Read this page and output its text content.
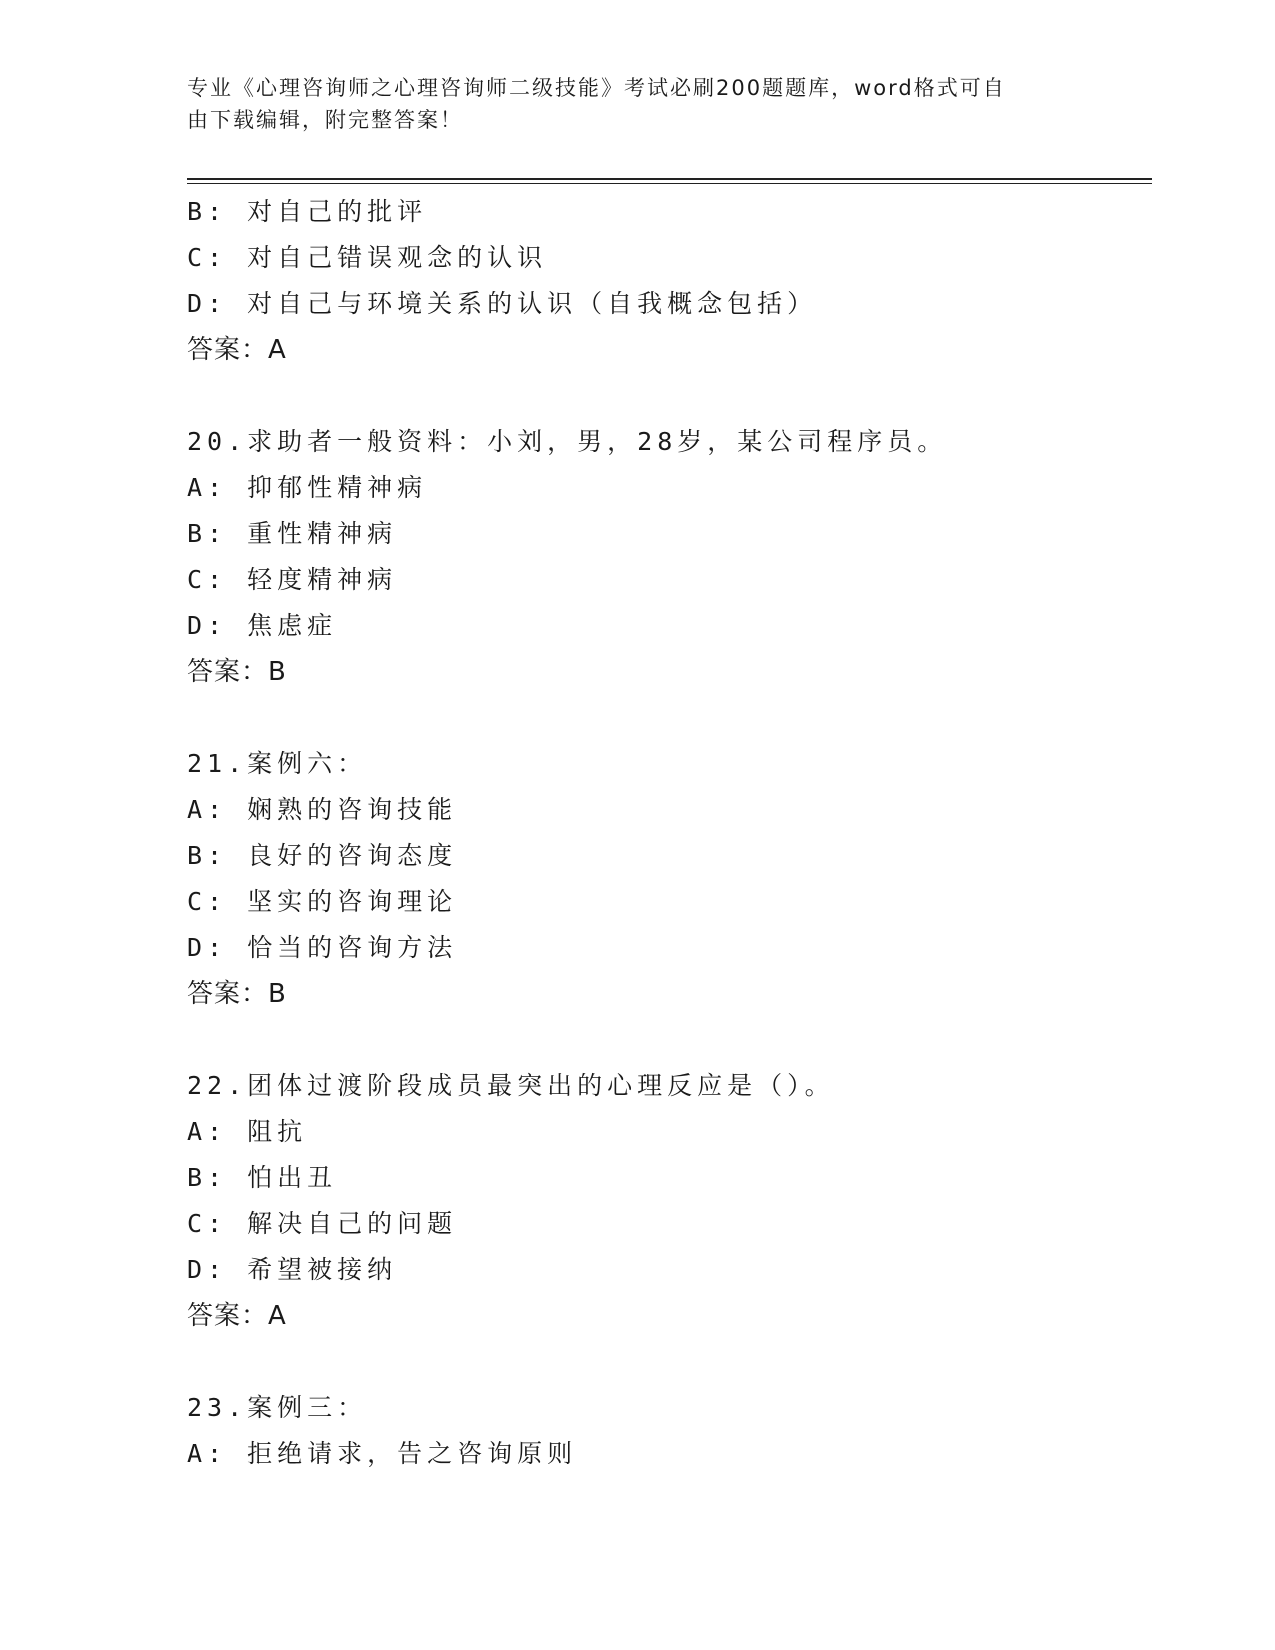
专业《心理咨询师之心理咨询师二级技能》考试必刷200题题库，word格式可自
由下载编辑，附完整答案！
B: 对自己的批评
C: 对自己错误观念的认识
D: 对自己与环境关系的认识（自我概念包括）
答案：A
20.求助者一般资料：小刘，男，28岁，某公司程序员。
A: 抑郁性精神病
B: 重性精神病
C: 轻度精神病
D: 焦虑症
答案：B
21.案例六：
A: 娴熟的咨询技能
B: 良好的咨询态度
C: 坚实的咨询理论
D: 恰当的咨询方法
答案：B
22.团体过渡阶段成员最突出的心理反应是（）。
A: 阻抗
B: 怕出丑
C: 解决自己的问题
D: 希望被接纳
答案：A
23.案例三：
A: 拒绝请求，告之咨询原则
